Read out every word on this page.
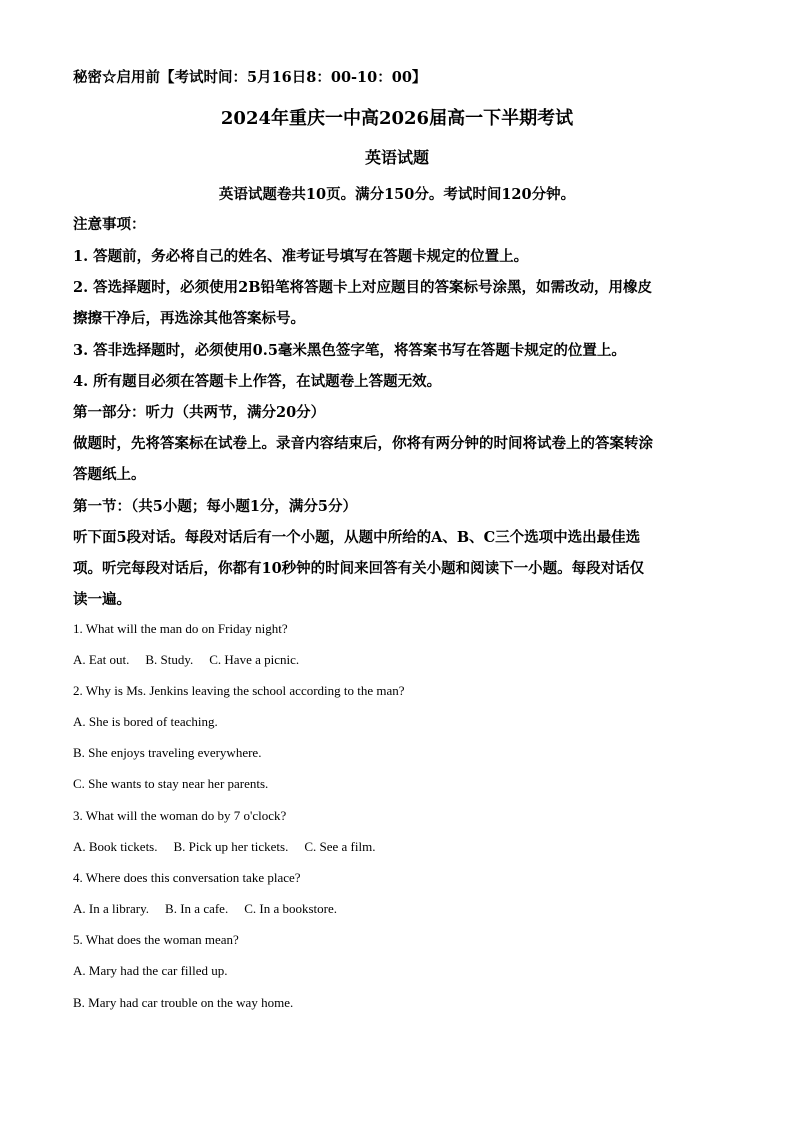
秘密☆启用前【考试时间：5月16日8：00-10：00】
2024年重庆一中高2026届高一下半期考试
英语试题
英语试题卷共10页。满分150分。考试时间120分钟。
注意事项：
1. 答题前，务必将自己的姓名、准考证号填写在答题卡规定的位置上。
2. 答选择题时，必须使用2B铅笔将答题卡上对应题目的答案标号涂黑，如需改动，用橡皮
擦擦干净后，再选涂其他答案标号。
3. 答非选择题时，必须使用0.5毫米黑色签字笔，将答案书写在答题卡规定的位置上。
4. 所有题目必须在答题卡上作答，在试题卷上答题无效。
第一部分：听力（共两节，满分20分）
做题时，先将答案标在试卷上。录音内容结束后，你将有两分钟的时间将试卷上的答案转涂
答题纸上。
第一节：（共5小题；每小题1分，满分5分）
听下面5段对话。每段对话后有一个小题，从题中所给的A、B、C三个选项中选出最佳选
项。听完每段对话后，你都有10秒钟的时间来回答有关小题和阅读下一小题。每段对话仅
读一遍。
1. What will the man do on Friday night?
A. Eat out. B. Study. C. Have a picnic.
2. Why is Ms. Jenkins leaving the school according to the man?
A. She is bored of teaching.
B. She enjoys traveling everywhere.
C. She wants to stay near her parents.
3. What will the woman do by 7 o'clock?
A. Book tickets. B. Pick up her tickets. C. See a film.
4. Where does this conversation take place?
A. In a library. B. In a cafe. C. In a bookstore.
5. What does the woman mean?
A. Mary had the car filled up.
B. Mary had car trouble on the way home.
